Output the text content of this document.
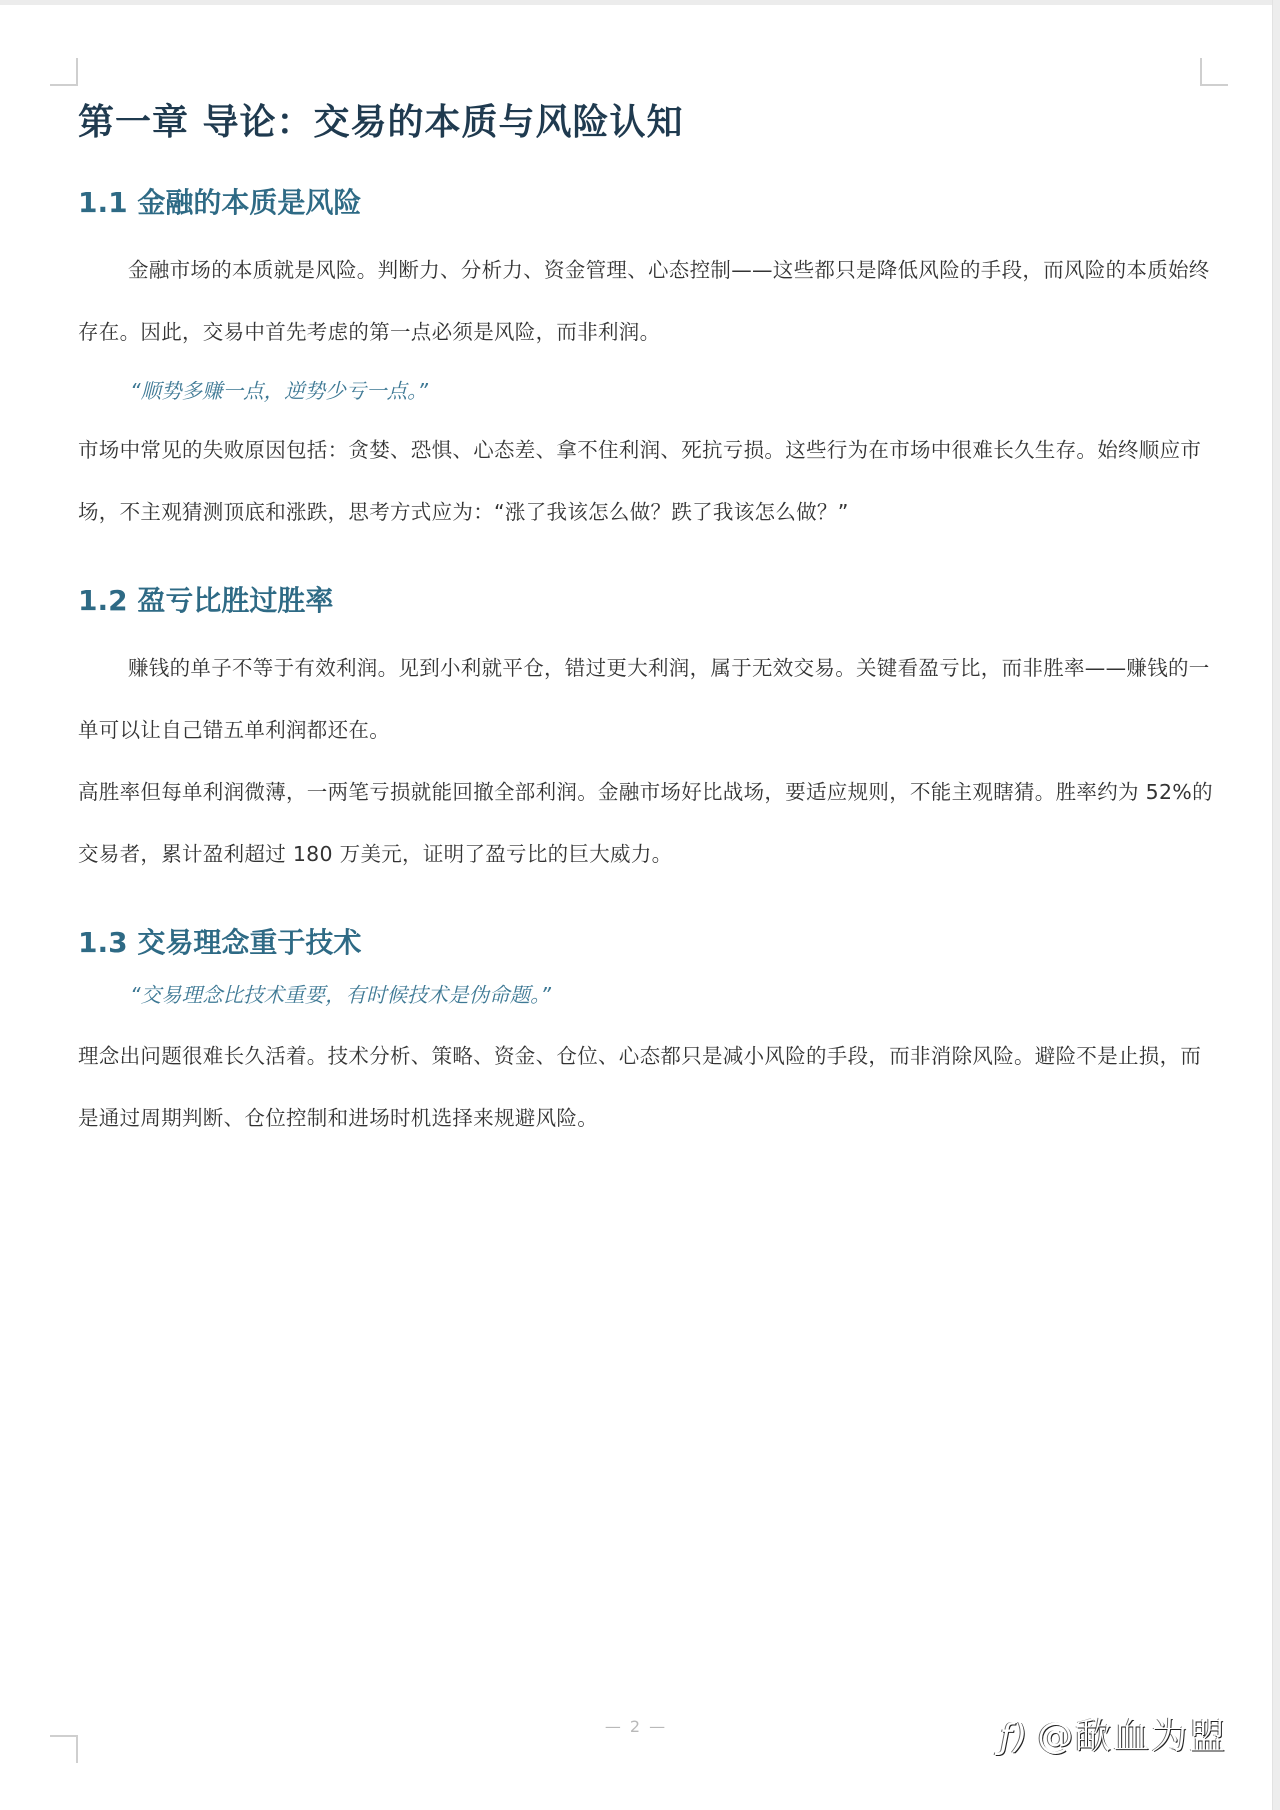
第一章 导论：交易的本质与风险认知
1.1 金融的本质是风险

金融市场的本质就是风险。判断力、分析力、资金管理、心态控制——这些都只是降低风险的手段，而风险的本质始终存在。因此，交易中首先考虑的第一点必须是风险，而非利润。

“顺势多赚一点，逆势少亏一点。”

市场中常见的失败原因包括：贪婪、恐惧、心态差、拿不住利润、死抗亏损。这些行为在市场中很难长久生存。始终顺应市场，不主观猜测顶底和涨跌，思考方式应为：“涨了我该怎么做？跌了我该怎么做？”

1.2 盈亏比胜过胜率

赚钱的单子不等于有效利润。见到小利就平仓，错过更大利润，属于无效交易。关键看盈亏比，而非胜率——赚钱的一单可以让自己错五单利润都还在。

高胜率但每单利润微薄，一两笔亏损就能回撤全部利润。金融市场好比战场，要适应规则，不能主观瞎猜。胜率约为 52%的交易者，累计盈利超过 180 万美元，证明了盈亏比的巨大威力。

1.3 交易理念重于技术

“交易理念比技术重要，有时候技术是伪命题。”

理念出问题很难长久活着。技术分析、策略、资金、仓位、心态都只是减小风险的手段，而非消除风险。避险不是止损，而是通过周期判断、仓位控制和进场时机选择来规避风险。

— 2 —	ƒ) @歃血为盟
